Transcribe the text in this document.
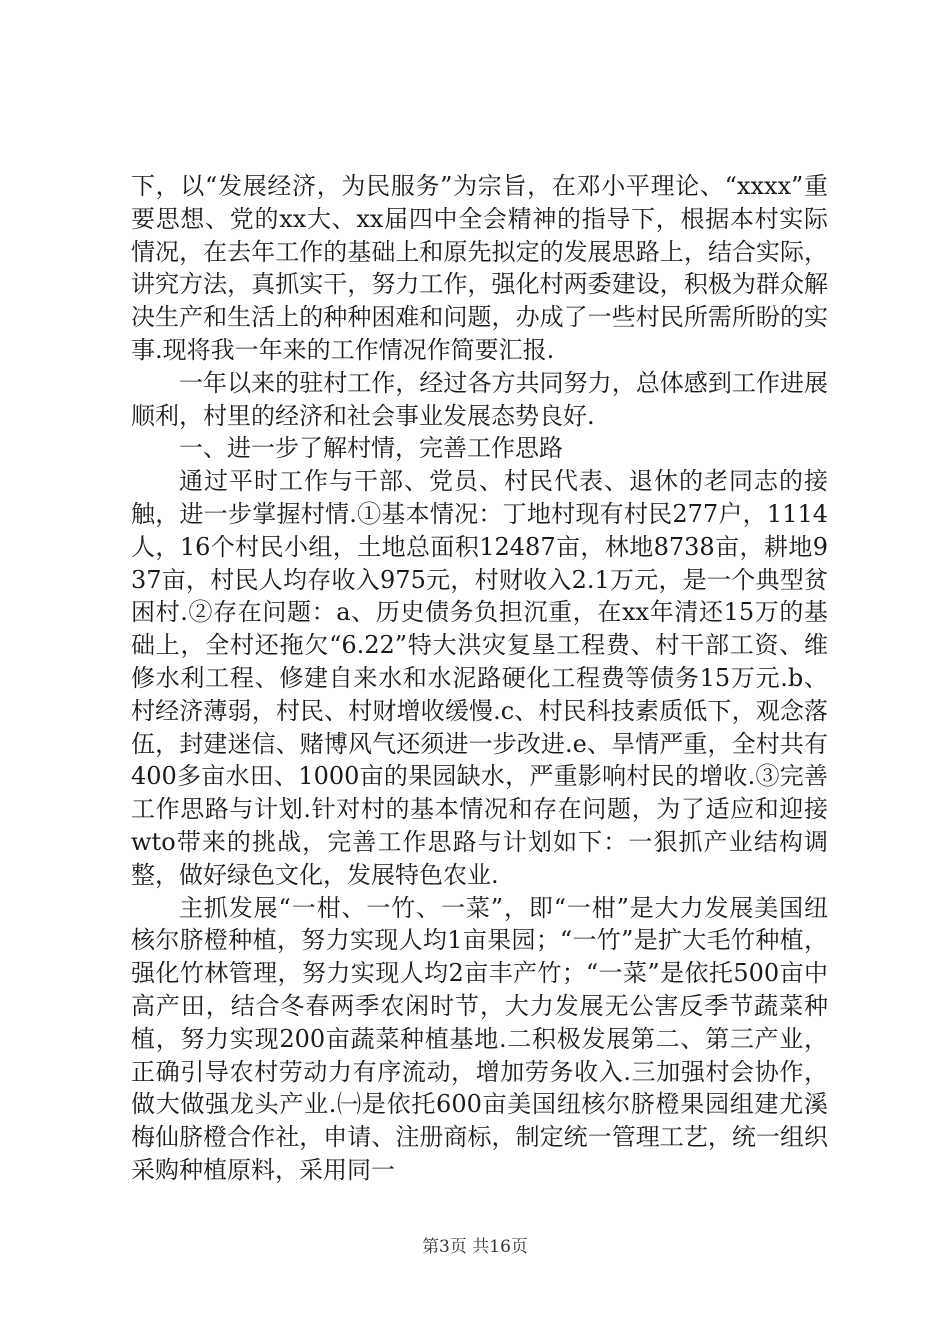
下，以“发展经济，为民服务”为宗旨，在邓小平理论、“xxxx”重要思想、党的xx大、xx届四中全会精神的指导下，根据本村实际情况，在去年工作的基础上和原先拟定的发展思路上，结合实际，讲究方法，真抓实干，努力工作，强化村两委建设，积极为群众解决生产和生活上的种种困难和问题，办成了一些村民所需所盼的实事.现将我一年来的工作情况作简要汇报.

一年以来的驻村工作，经过各方共同努力，总体感到工作进展顺利，村里的经济和社会事业发展态势良好.

一、进一步了解村情，完善工作思路

通过平时工作与干部、党员、村民代表、退休的老同志的接触，进一步掌握村情.①基本情况：丁地村现有村民277户，1114人，16个村民小组，土地总面积12487亩，林地8738亩，耕地937亩，村民人均存收入975元，村财收入2.1万元，是一个典型贫困村.②存在问题：a、历史债务负担沉重，在xx年清还15万的基础上，全村还拖欠“6.22”特大洪灾复垦工程费、村干部工资、维修水利工程、修建自来水和水泥路硬化工程费等债务15万元.b、村经济薄弱，村民、村财增收缓慢.c、村民科技素质低下，观念落伍，封建迷信、赌博风气还须进一步改进.e、旱情严重，全村共有400多亩水田、1000亩的果园缺水，严重影响村民的增收.③完善工作思路与计划.针对村的基本情况和存在问题，为了适应和迎接wto带来的挑战，完善工作思路与计划如下：一狠抓产业结构调整，做好绿色文化，发展特色农业.

主抓发展“一柑、一竹、一菜”，即“一柑”是大力发展美国纽核尔脐橙种植，努力实现人均1亩果园；“一竹”是扩大毛竹种植，强化竹林管理，努力实现人均2亩丰产竹；“一菜”是依托500亩中高产田，结合冬春两季农闲时节，大力发展无公害反季节蔬菜种植，努力实现200亩蔬菜种植基地.二积极发展第二、第三产业，正确引导农村劳动力有序流动，增加劳务收入.三加强村会协作，做大做强龙头产业.㈠是依托600亩美国纽核尔脐橙果园组建尤溪梅仙脐橙合作社，申请、注册商标，制定统一管理工艺，统一组织采购种植原料，采用同一

第3页 共16页
